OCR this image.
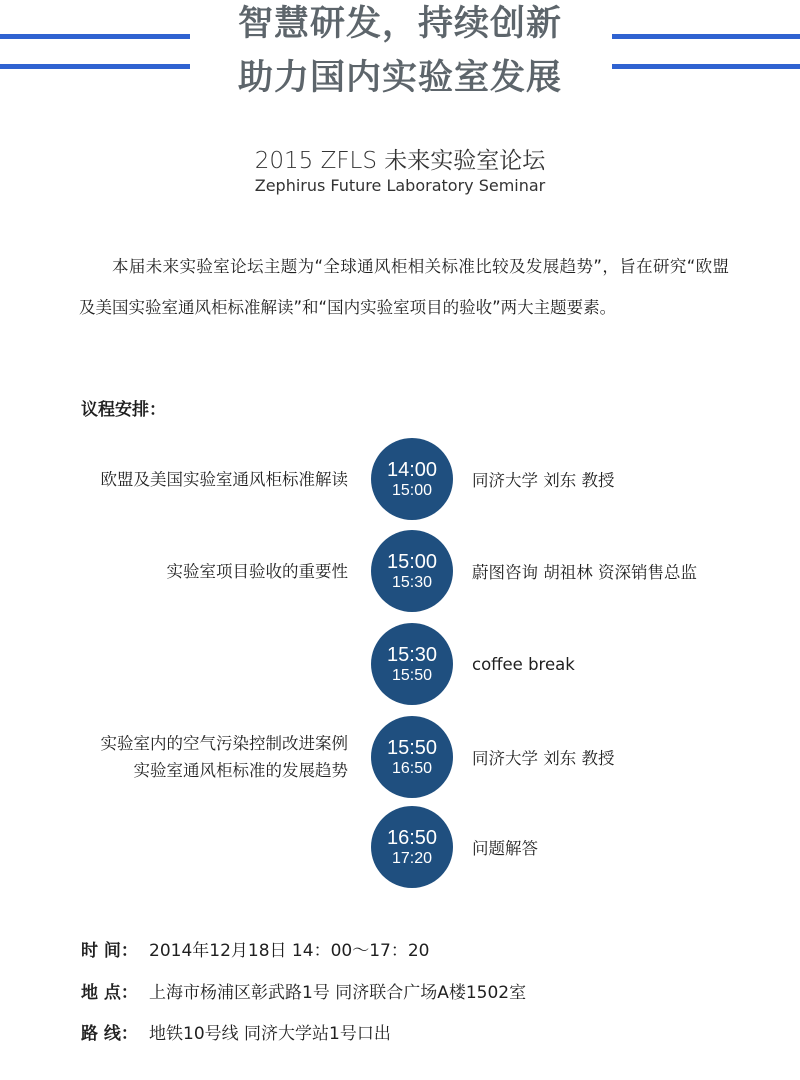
智慧研发，持续创新
助力国内实验室发展
2015 ZFLS 未来实验室论坛
Zephirus Future Laboratory Seminar
本届未来实验室论坛主题为“全球通风柜相关标准比较及发展趋势”，旨在研究“欧盟及美国实验室通风柜标准解读”和“国内实验室项目的验收”两大主题要素。
议程安排：
欧盟及美国实验室通风柜标准解读 14:00
15:00 同济大学 刘东 教授
实验室项目验收的重要性 15:00
15:30 蔚图咨询 胡祖林 资深销售总监
15:30
15:50
coffee break
实验室内的空气污染控制改进案例
实验室通风柜标准的发展趋势
15:50
16:50 同济大学 刘东 教授
16:50
17:20 问题解答
时 间： 2014年12月18日 14：00～17：20
地 点： 上海市杨浦区彰武路1号 同济联合广场A楼1502室
路 线： 地铁10号线 同济大学站1号口出
